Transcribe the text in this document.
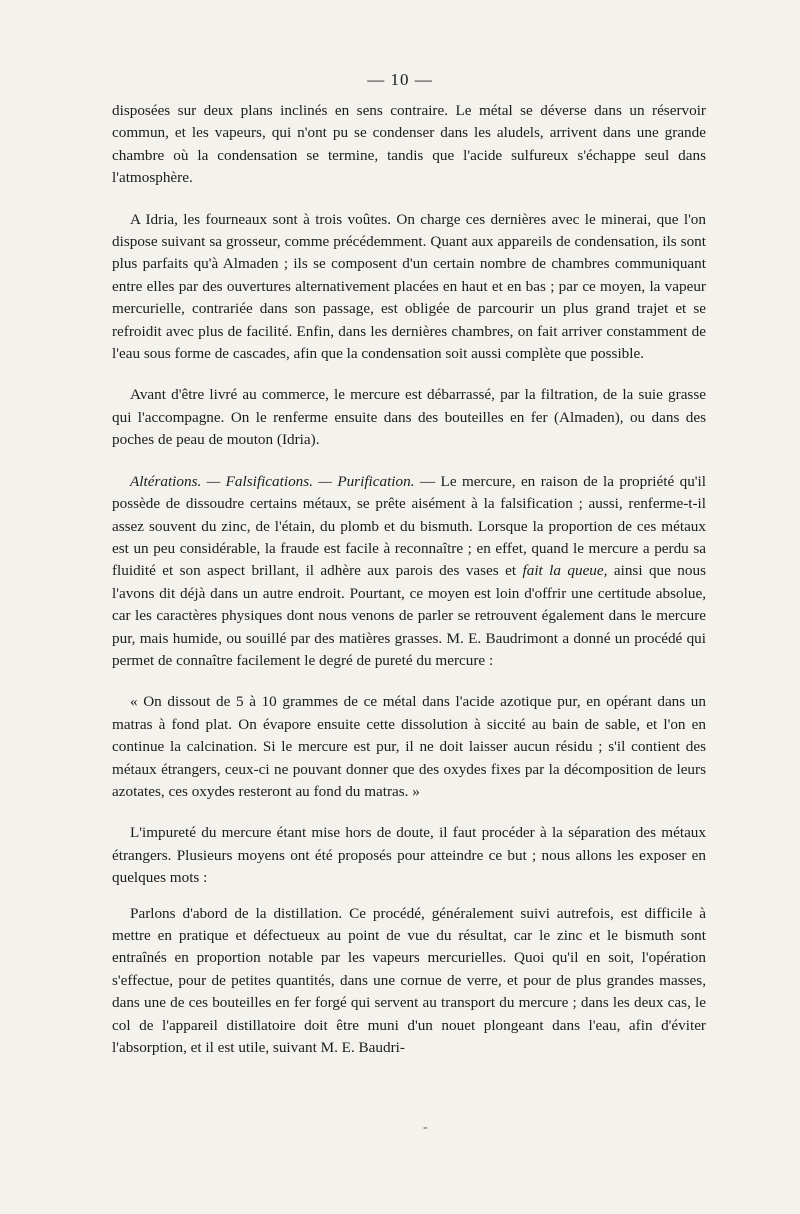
— 10 —

disposées sur deux plans inclinés en sens contraire. Le métal se déverse dans un réservoir commun, et les vapeurs, qui n'ont pu se condenser dans les aludels, arrivent dans une grande chambre où la condensation se termine, tandis que l'acide sulfureux s'échappe seul dans l'atmosphère.

A Idria, les fourneaux sont à trois voûtes. On charge ces dernières avec le minerai, que l'on dispose suivant sa grosseur, comme précédemment. Quant aux appareils de condensation, ils sont plus parfaits qu'à Almaden ; ils se composent d'un certain nombre de chambres communiquant entre elles par des ouvertures alternativement placées en haut et en bas ; par ce moyen, la vapeur mercurielle, contrariée dans son passage, est obligée de parcourir un plus grand trajet et se refroidit avec plus de facilité. Enfin, dans les dernières chambres, on fait arriver constamment de l'eau sous forme de cascades, afin que la condensation soit aussi complète que possible.

Avant d'être livré au commerce, le mercure est débarrassé, par la filtration, de la suie grasse qui l'accompagne. On le renferme ensuite dans des bouteilles en fer (Almaden), ou dans des poches de peau de mouton (Idria).

Altérations. — Falsifications. — Purification. — Le mercure, en raison de la propriété qu'il possède de dissoudre certains métaux, se prête aisément à la falsification ; aussi, renferme-t-il assez souvent du zinc, de l'étain, du plomb et du bismuth. Lorsque la proportion de ces métaux est un peu considérable, la fraude est facile à reconnaître ; en effet, quand le mercure a perdu sa fluidité et son aspect brillant, il adhère aux parois des vases et fait la queue, ainsi que nous l'avons dit déjà dans un autre endroit. Pourtant, ce moyen est loin d'offrir une certitude absolue, car les caractères physiques dont nous venons de parler se retrouvent également dans le mercure pur, mais humide, ou souillé par des matières grasses. M. E. Baudrimont a donné un procédé qui permet de connaître facilement le degré de pureté du mercure :

« On dissout de 5 à 10 grammes de ce métal dans l'acide azotique pur, en opérant dans un matras à fond plat. On évapore ensuite cette dissolution à siccité au bain de sable, et l'on en continue la calcination. Si le mercure est pur, il ne doit laisser aucun résidu ; s'il contient des métaux étrangers, ceux-ci ne pouvant donner que des oxydes fixes par la décomposition de leurs azotates, ces oxydes resteront au fond du matras. »

L'impureté du mercure étant mise hors de doute, il faut procéder à la séparation des métaux étrangers. Plusieurs moyens ont été proposés pour atteindre ce but ; nous allons les exposer en quelques mots :

Parlons d'abord de la distillation. Ce procédé, généralement suivi autrefois, est difficile à mettre en pratique et défectueux au point de vue du résultat, car le zinc et le bismuth sont entraînés en proportion notable par les vapeurs mercurielles. Quoi qu'il en soit, l'opération s'effectue, pour de petites quantités, dans une cornue de verre, et pour de plus grandes masses, dans une de ces bouteilles en fer forgé qui servent au transport du mercure ; dans les deux cas, le col de l'appareil distillatoire doit être muni d'un nouet plongeant dans l'eau, afin d'éviter l'absorption, et il est utile, suivant M. E. Baudri-

-
